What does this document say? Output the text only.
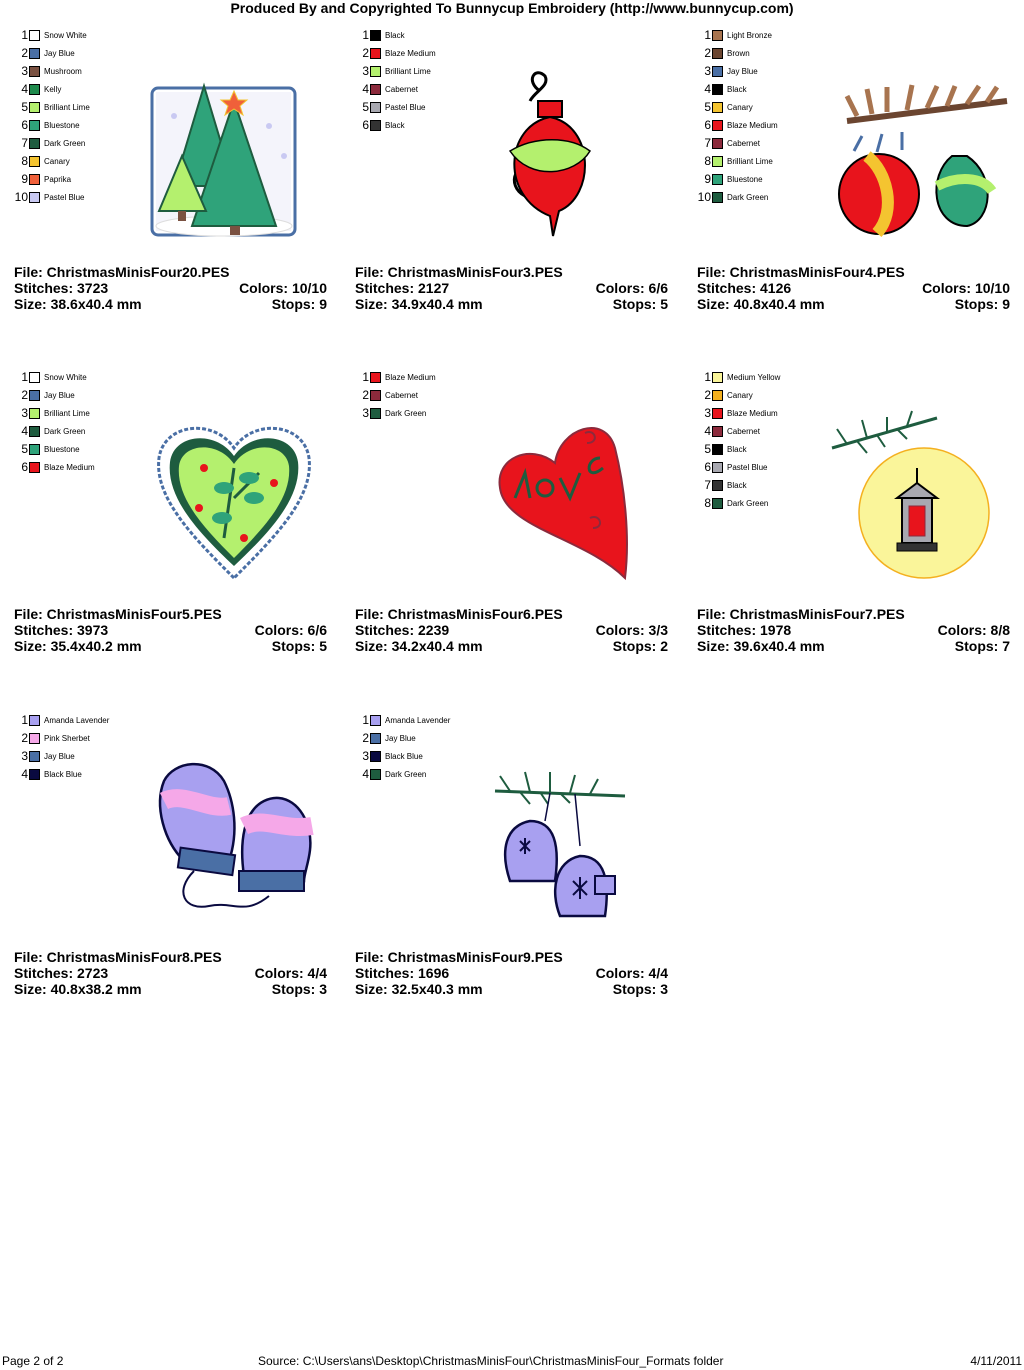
Produced By and Copyrighted To Bunnycup Embroidery (http://www.bunnycup.com)
1 Snow White
2 Jay Blue
3 Mushroom
4 Kelly
5 Brilliant Lime
6 Bluestone
7 Dark Green
8 Canary
9 Paprika
10 Pastel Blue
File: ChristmasMinisFour20.PES
Stitches: 3723	Colors: 10/10
Size: 38.6x40.4 mm	Stops: 9
1 Black
2 Blaze Medium
3 Brilliant Lime
4 Cabernet
5 Pastel Blue
6 Black
File: ChristmasMinisFour3.PES
Stitches: 2127	Colors: 6/6
Size: 34.9x40.4 mm	Stops: 5
1 Light Bronze
2 Brown
3 Jay Blue
4 Black
5 Canary
6 Blaze Medium
7 Cabernet
8 Brilliant Lime
9 Bluestone
10 Dark Green
File: ChristmasMinisFour4.PES
Stitches: 4126	Colors: 10/10
Size: 40.8x40.4 mm	Stops: 9
1 Snow White
2 Jay Blue
3 Brilliant Lime
4 Dark Green
5 Bluestone
6 Blaze Medium
File: ChristmasMinisFour5.PES
Stitches: 3973	Colors: 6/6
Size: 35.4x40.2 mm	Stops: 5
1 Blaze Medium
2 Cabernet
3 Dark Green
File: ChristmasMinisFour6.PES
Stitches: 2239	Colors: 3/3
Size: 34.2x40.4 mm	Stops: 2
1 Medium Yellow
2 Canary
3 Blaze Medium
4 Cabernet
5 Black
6 Pastel Blue
7 Black
8 Dark Green
File: ChristmasMinisFour7.PES
Stitches: 1978	Colors: 8/8
Size: 39.6x40.4 mm	Stops: 7
1 Amanda Lavender
2 Pink Sherbet
3 Jay Blue
4 Black Blue
File: ChristmasMinisFour8.PES
Stitches: 2723	Colors: 4/4
Size: 40.8x38.2 mm	Stops: 3
1 Amanda Lavender
2 Jay Blue
3 Black Blue
4 Dark Green
File: ChristmasMinisFour9.PES
Stitches: 1696	Colors: 4/4
Size: 32.5x40.3 mm	Stops: 3
Page 2 of 2	Source: C:\Users\ans\Desktop\ChristmasMinisFour\ChristmasMinisFour_Formats folder	4/11/2011
